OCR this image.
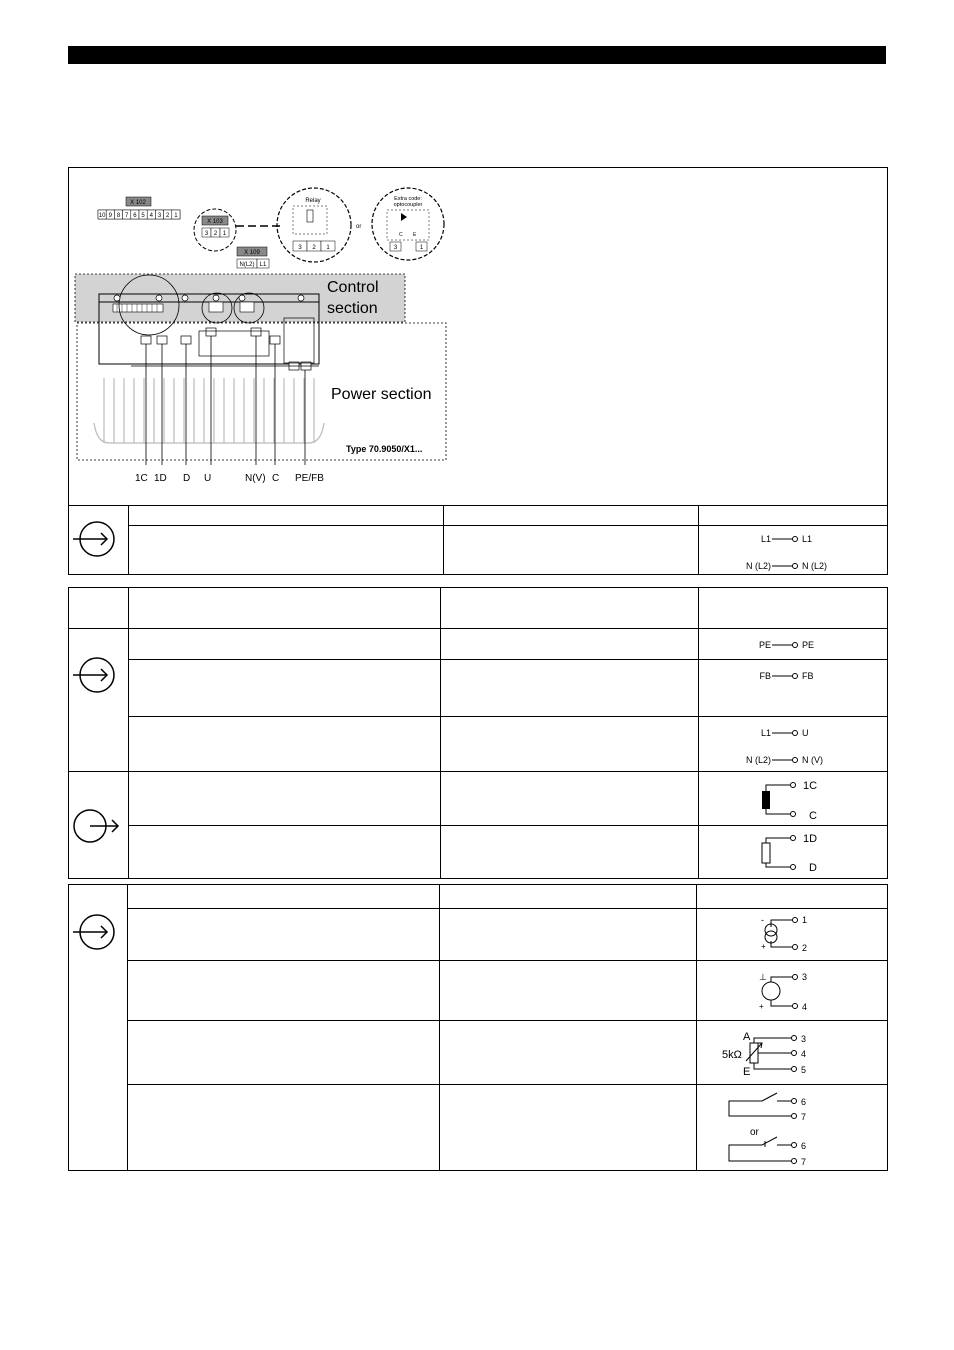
X 102
10 9 8 7 6 5 4 3 2 1
X 103
3 2 1
X 109
N(L2) L1
Relay
3 2 1
or
Extra code:
optocoupler
C E
3	1
Control
section
Power section
Type 70.9050/X1...
1C 1D D U	N(V) C PE/FB
L1	L1
N (L2)	N (L2)
PE	PE
FB	FB
L1	U
N (L2)	N (V)
1C
C
1D
D
-
+
1
2
⊥
+
3
4
A
E
5kΩ
3
4
5
6
7
or
6
7
